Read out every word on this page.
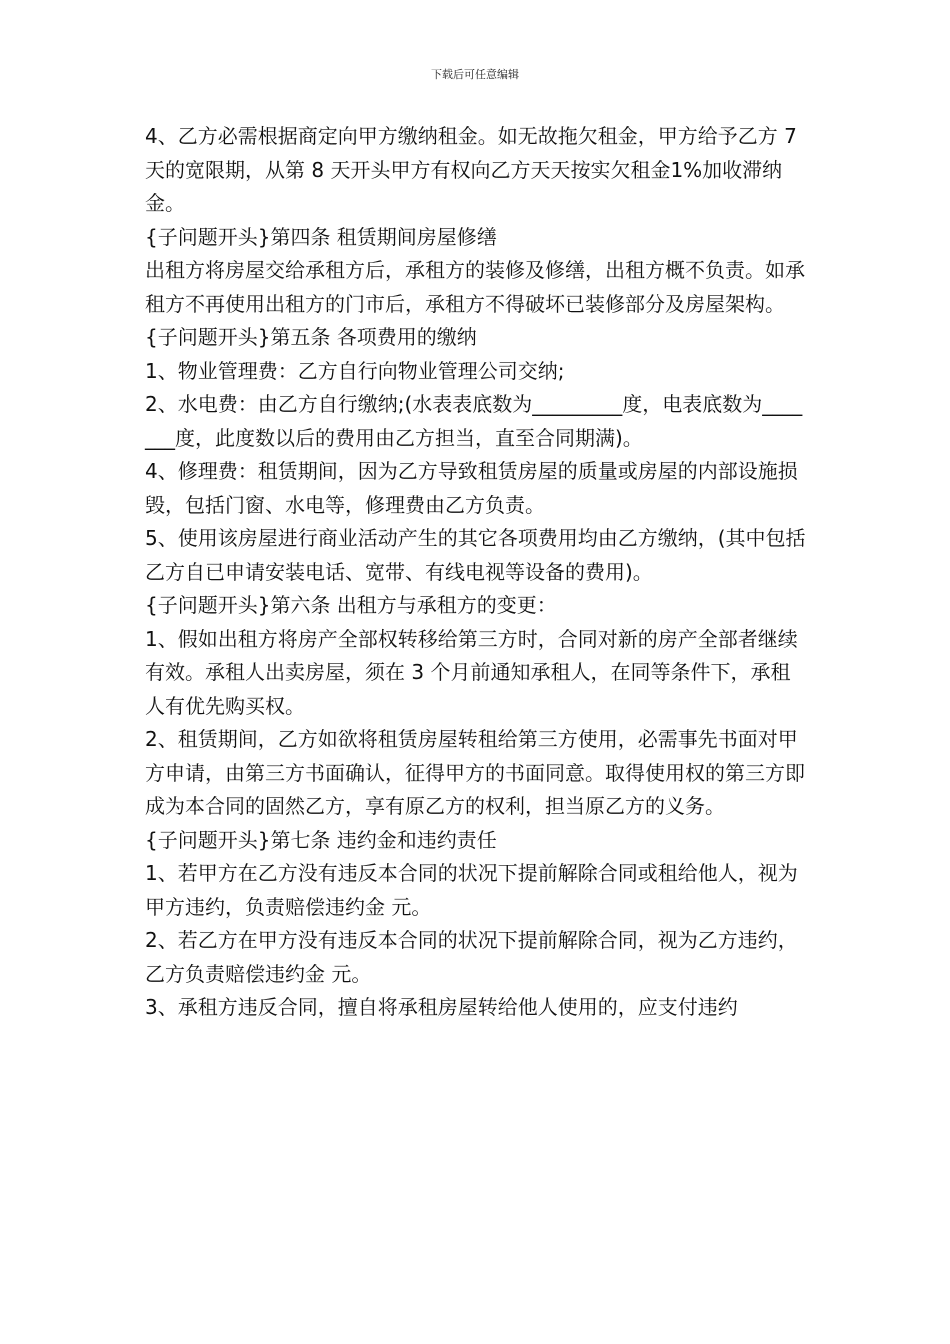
下载后可任意编辑

4、乙方必需根据商定向甲方缴纳租金。如无故拖欠租金，甲方给予乙方 7 天的宽限期，从第 8 天开头甲方有权向乙方天天按实欠租金1%加收滞纳金。

{子问题开头}第四条 租赁期间房屋修缮

出租方将房屋交给承租方后，承租方的装修及修缮，出租方概不负责。如承租方不再使用出租方的门市后，承租方不得破坏已装修部分及房屋架构。

{子问题开头}第五条 各项费用的缴纳

1、物业管理费：乙方自行向物业管理公司交纳;

2、水电费：由乙方自行缴纳;(水表表底数为_________度，电表底数为_______度，此度数以后的费用由乙方担当，直至合同期满)。

4、修理费：租赁期间，因为乙方导致租赁房屋的质量或房屋的内部设施损毁，包括门窗、水电等，修理费由乙方负责。

5、使用该房屋进行商业活动产生的其它各项费用均由乙方缴纳，(其中包括乙方自已申请安装电话、宽带、有线电视等设备的费用)。

{子问题开头}第六条 出租方与承租方的变更：

1、假如出租方将房产全部权转移给第三方时，合同对新的房产全部者继续有效。承租人出卖房屋，须在 3 个月前通知承租人，在同等条件下，承租人有优先购买权。

2、租赁期间，乙方如欲将租赁房屋转租给第三方使用，必需事先书面对甲方申请，由第三方书面确认，征得甲方的书面同意。取得使用权的第三方即成为本合同的固然乙方，享有原乙方的权利，担当原乙方的义务。

{子问题开头}第七条 违约金和违约责任

1、若甲方在乙方没有违反本合同的状况下提前解除合同或租给他人，视为甲方违约，负责赔偿违约金 元。

2、若乙方在甲方没有违反本合同的状况下提前解除合同，视为乙方违约，乙方负责赔偿违约金 元。

3、承租方违反合同，擅自将承租房屋转给他人使用的，应支付违约
